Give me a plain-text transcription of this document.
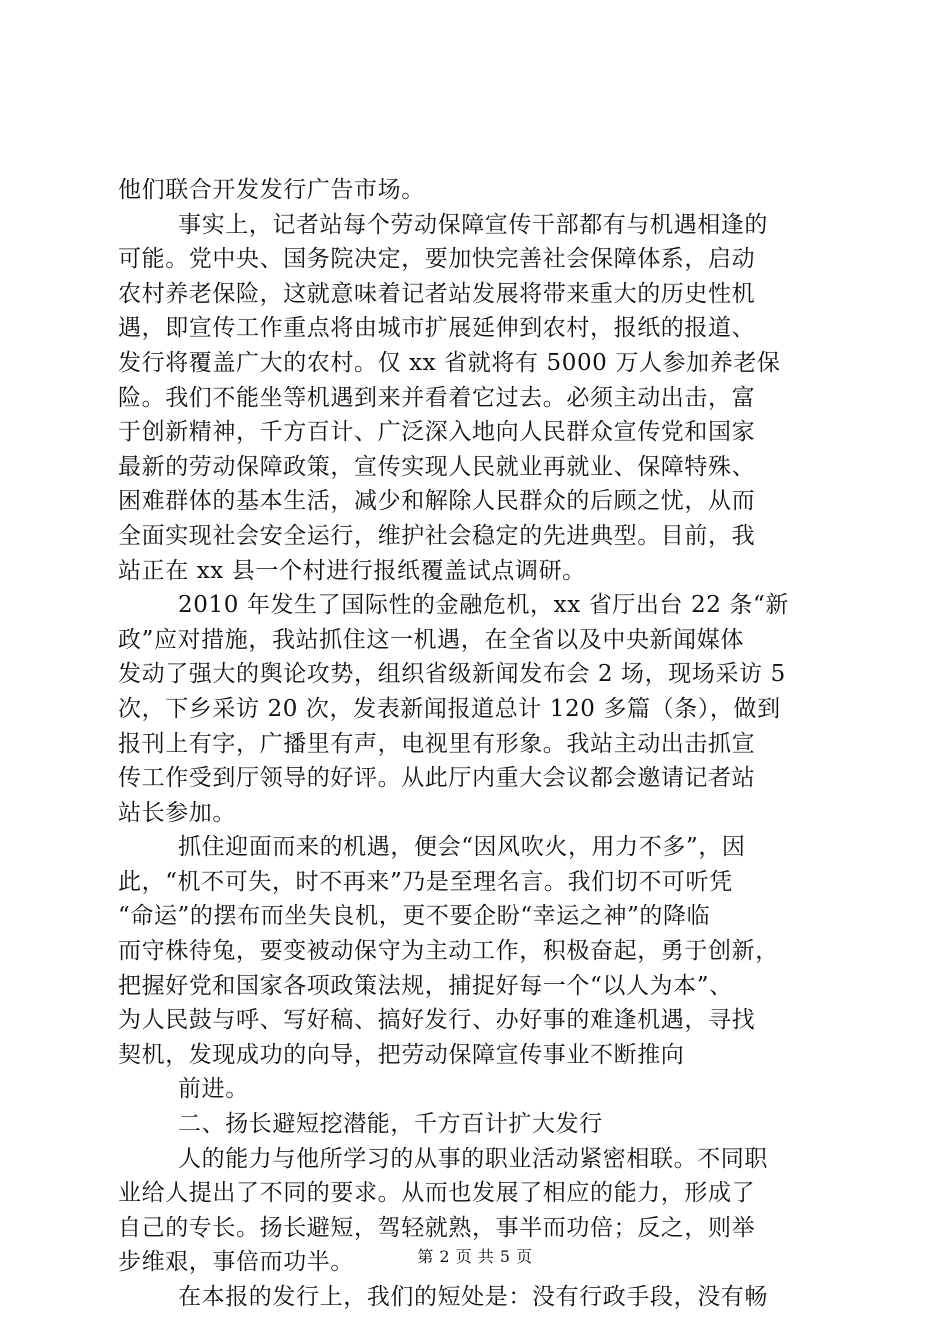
他们联合开发发行广告市场。
事实上，记者站每个劳动保障宣传干部都有与机遇相逢的
可能。党中央、国务院决定，要加快完善社会保障体系，启动
农村养老保险，这就意味着记者站发展将带来重大的历史性机
遇，即宣传工作重点将由城市扩展延伸到农村，报纸的报道、
发行将覆盖广大的农村。仅 xx 省就将有 5000 万人参加养老保
险。我们不能坐等机遇到来并看着它过去。必须主动出击，富
于创新精神，千方百计、广泛深入地向人民群众宣传党和国家
最新的劳动保障政策，宣传实现人民就业再就业、保障特殊、
困难群体的基本生活，减少和解除人民群众的后顾之忧，从而
全面实现社会安全运行，维护社会稳定的先进典型。目前，我
站正在 xx 县一个村进行报纸覆盖试点调研。
2010 年发生了国际性的金融危机，xx 省厅出台 22 条“新
政”应对措施，我站抓住这一机遇，在全省以及中央新闻媒体
发动了强大的舆论攻势，组织省级新闻发布会 2 场，现场采访 5
次，下乡采访 20 次，发表新闻报道总计 120 多篇（条），做到
报刊上有字，广播里有声，电视里有形象。我站主动出击抓宣
传工作受到厅领导的好评。从此厅内重大会议都会邀请记者站
站长参加。
抓住迎面而来的机遇，便会“因风吹火，用力不多”，因
此，“机不可失，时不再来”乃是至理名言。我们切不可听凭
“命运”的摆布而坐失良机，更不要企盼“幸运之神”的降临
而守株待兔，要变被动保守为主动工作，积极奋起，勇于创新，
把握好党和国家各项政策法规，捕捉好每一个“以人为本”、
为人民鼓与呼、写好稿、搞好发行、办好事的难逢机遇，寻找
契机，发现成功的向导，把劳动保障宣传事业不断推向
前进。
二、扬长避短挖潜能，千方百计扩大发行
人的能力与他所学习的从事的职业活动紧密相联。不同职
业给人提出了不同的要求。从而也发展了相应的能力，形成了
自己的专长。扬长避短，驾轻就熟，事半而功倍；反之，则举
步维艰，事倍而功半。
在本报的发行上，我们的短处是：没有行政手段，没有畅
第 2 页 共 5 页
